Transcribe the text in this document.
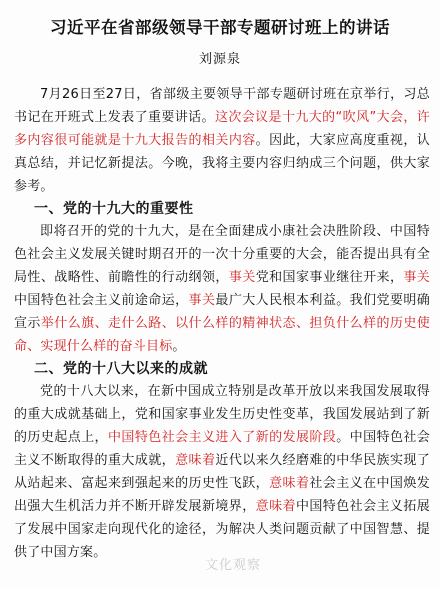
习近平在省部级领导干部专题研讨班上的讲话
刘源泉

7月26日至27日，省部级主要领导干部专题研讨班在京举行，习总书记在开班式上发表了重要讲话。这次会议是十九大的“吹风”大会，许多内容很可能就是十九大报告的相关内容。因此，大家应高度重视，认真总结，并记忆新提法。今晚，我将主要内容归纳成三个问题，供大家参考。

一、党的十九大的重要性

即将召开的党的十九大，是在全面建成小康社会决胜阶段、中国特色社会主义发展关键时期召开的一次十分重要的大会，能否提出具有全局性、战略性、前瞻性的行动纲领，事关党和国家事业继往开来，事关中国特色社会主义前途命运，事关最广大人民根本利益。我们党要明确宣示举什么旗、走什么路、以什么样的精神状态、担负什么样的历史使命、实现什么样的奋斗目标。

二、党的十八大以来的成就

党的十八大以来，在新中国成立特别是改革开放以来我国发展取得的重大成就基础上，党和国家事业发生历史性变革，我国发展站到了新的历史起点上，中国特色社会主义进入了新的发展阶段。中国特色社会主义不断取得的重大成就，意味着近代以来久经磨难的中华民族实现了从站起来、富起来到强起来的历史性飞跃，意味着社会主义在中国焕发出强大生机活力并不断开辟发展新境界，意味着中国特色社会主义拓展了发展中国家走向现代化的途径，为解决人类问题贡献了中国智慧、提供了中国方案。

文化观察
